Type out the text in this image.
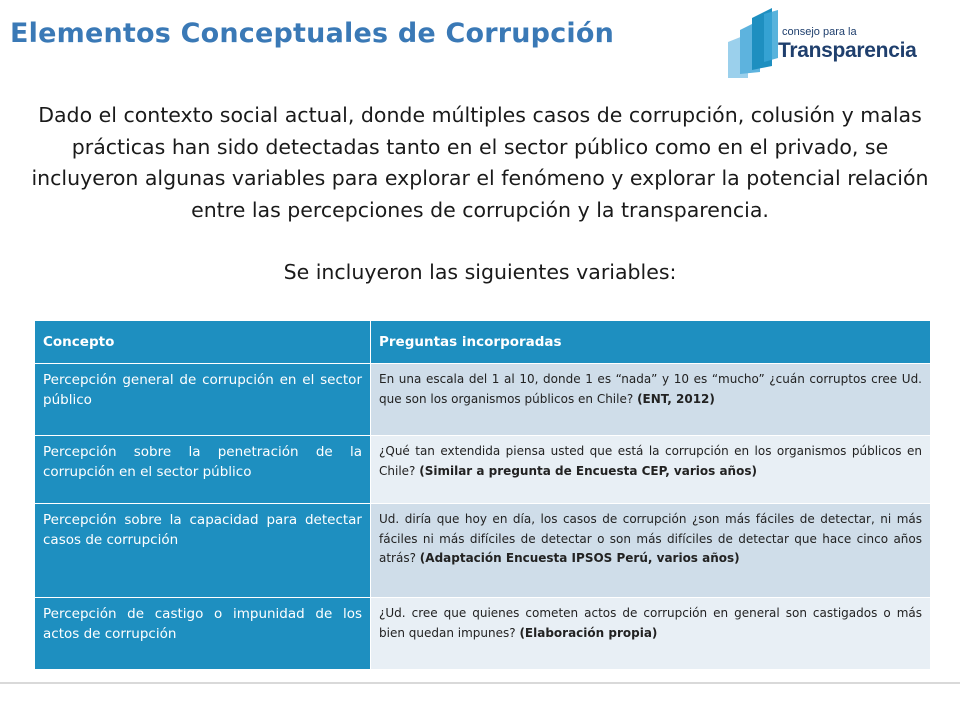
Elementos Conceptuales de Corrupción	consejo para la
Transparencia

Dado el contexto social actual, donde múltiples casos de corrupción, colusión y malas prácticas han sido detectadas tanto en el sector público como en el privado, se incluyeron algunas variables para explorar el fenómeno y explorar la potencial relación entre las percepciones de corrupción y la transparencia.

Se incluyeron las siguientes variables:

Concepto	Preguntas incorporadas
Percepción general de corrupción en el sector público	En una escala del 1 al 10, donde 1 es “nada” y 10 es “mucho” ¿cuán corruptos cree Ud. que son los organismos públicos en Chile? (ENT, 2012)
Percepción sobre la penetración de la corrupción en el sector público	¿Qué tan extendida piensa usted que está la corrupción en los organismos públicos en Chile? (Similar a pregunta de Encuesta CEP, varios años)
Percepción sobre la capacidad para detectar casos de corrupción	Ud. diría que hoy en día, los casos de corrupción ¿son más fáciles de detectar, ni más fáciles ni más difíciles de detectar o son más difíciles de detectar que hace cinco años atrás? (Adaptación Encuesta IPSOS Perú, varios años)
Percepción de castigo o impunidad de los actos de corrupción	¿Ud. cree que quienes cometen actos de corrupción en general son castigados o más bien quedan impunes? (Elaboración propia)
